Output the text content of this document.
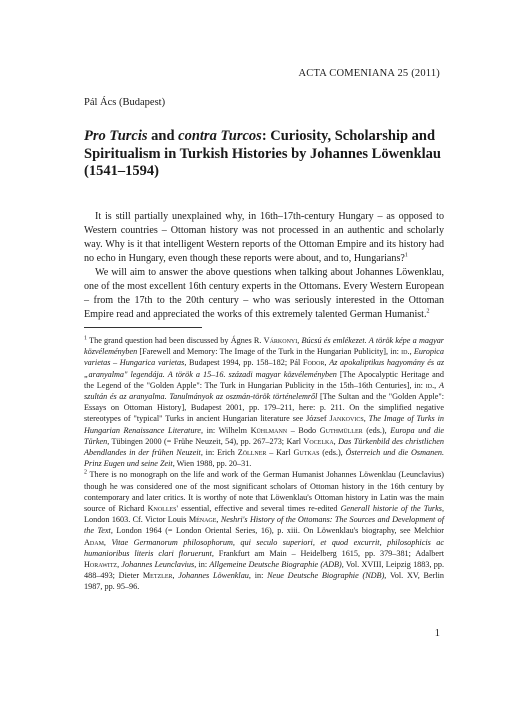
ACTA COMENIANA 25 (2011)
Pál Ács (Budapest)
Pro Turcis and contra Turcos: Curiosity, Scholarship and Spiritualism in Turkish Histories by Johannes Löwenklau (1541–1594)

It is still partially unexplained why, in 16th–17th-century Hungary – as opposed to Western countries – Ottoman history was not processed in an authentic and scholarly way. Why is it that intelligent Western reports of the Ottoman Empire and its history had no echo in Hungary, even though these reports were about, and to, Hungarians?$^1$

We will aim to answer the above questions when talking about Johannes Löwenklau, one of the most excellent 16th century experts in the Ottomans. Every Western European – from the 17th to the 20th century – who was seriously interested in the Ottoman Empire read and appreciated the works of this extremely talented German Humanist.$^2$

$^1$ The grand question had been discussed by Ágnes R. Várkonyi, Búcsú és emlékezet. A török képe a magyar közvéleményben [Farewell and Memory: The Image of the Turk in the Hungarian Publicity], in: id., Europica varietas – Hungarica varietas, Budapest 1994, pp. 158–182; Pál Fodor, Az apokaliptikus hagyomány és az „aranyalma" legendája. A török a 15–16. századi magyar közvéleményben [The Apocalyptic Heritage and the Legend of the "Golden Apple": The Turk in Hungarian Publicity in the 15th–16th Centuries], in: id., A szultán és az aranyalma. Tanulmányok az oszmán-török történelemről [The Sultan and the "Golden Apple": Essays on Ottoman History], Budapest 2001, pp. 179–211, here: p. 211. On the simplified negative stereotypes of "typical" Turks in ancient Hungarian literature see József Jankovics, The Image of Turks in Hungarian Renaissance Literature, in: Wilhelm Kühlmann – Bodo Guthmüller (eds.), Europa und die Türken, Tübingen 2000 (= Frühe Neuzeit, 54), pp. 267–273; Karl Vocelka, Das Türkenbild des christlichen Abendlandes in der frühen Neuzeit, in: Erich Zöllner – Karl Gutkas (eds.), Österreich und die Osmanen. Prinz Eugen und seine Zeit, Wien 1988, pp. 20–31.

$^2$ There is no monograph on the life and work of the German Humanist Johannes Löwenklau (Leunclavius) though he was considered one of the most significant scholars of Ottoman history in the 16th century by contemporary and later critics. It is worthy of note that Löwenklau's Ottoman history in Latin was the main source of Richard Knolles' essential, effective and several times re-edited Generall historie of the Turks, London 1603. Cf. Victor Louis Ménage, Neshri's History of the Ottomans: The Sources and Development of the Text, London 1964 (= London Oriental Series, 16), p. xiii. On Löwenklau's biography, see Melchior Adam, Vitae Germanorum philosophorum, qui seculo superiori, et quod excurrit, philosophicis ac humanioribus literis clari floruerunt, Frankfurt am Main – Heidelberg 1615, pp. 379–381; Adalbert Horawitz, Johannes Leunclavius, in: Allgemeine Deutsche Biographie (ADB), Vol. XVIII, Leipzig 1883, pp. 488–493; Dieter Metzler, Johannes Löwenklau, in: Neue Deutsche Biographie (NDB), Vol. XV, Berlin 1987, pp. 95–96.

1
